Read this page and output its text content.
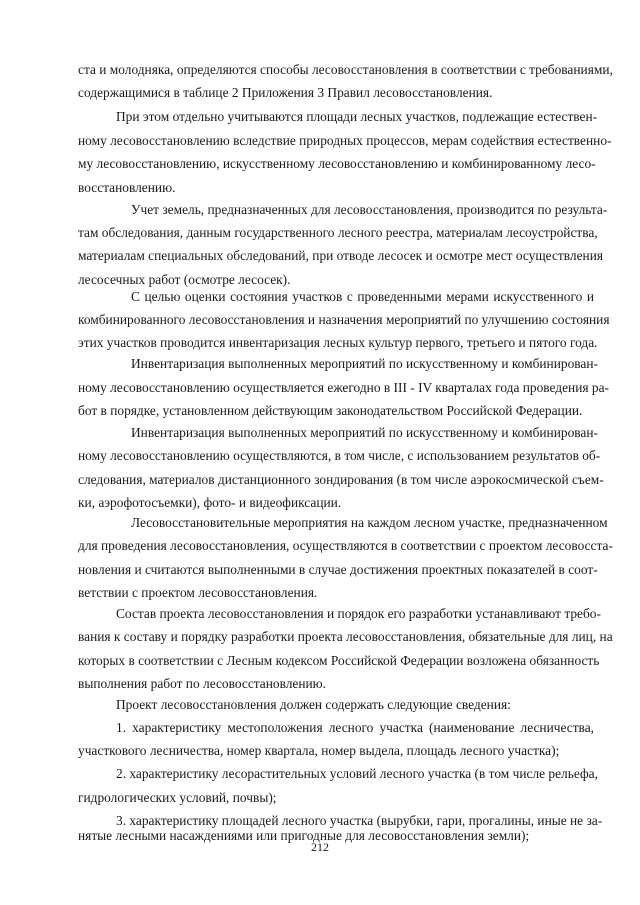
ста и молодняка, определяются способы лесовосстановления в соответствии с требованиями,
содержащимися в таблице 2 Приложения 3 Правил лесовосстановления.
При этом отдельно учитываются площади лесных участков, подлежащие естествен-
ному лесовосстановлению вследствие природных процессов, мерам содействия естественно-
му лесовосстановлению, искусственному лесовосстановлению и комбинированному лесо-
восстановлению.
Учет земель, предназначенных для лесовосстановления, производится по результа-
там обследования, данным государственного лесного реестра, материалам лесоустройства,
материалам специальных обследований, при отводе лесосек и осмотре мест осуществления
лесосечных работ (осмотре лесосек).
С целью оценки состояния участков с проведенными мерами искусственного и
комбинированного лесовосстановления и назначения мероприятий по улучшению состояния
этих участков проводится инвентаризация лесных культур первого, третьего и пятого года.
Инвентаризация выполненных мероприятий по искусственному и комбинирован-
ному лесовосстановлению осуществляется ежегодно в III - IV кварталах года проведения ра-
бот в порядке, установленном действующим законодательством Российской Федерации.
Инвентаризация выполненных мероприятий по искусственному и комбинирован-
ному лесовосстановлению осуществляются, в том числе, с использованием результатов об-
следования, материалов дистанционного зондирования (в том числе аэрокосмической съем-
ки, аэрофотосъемки), фото- и видеофиксации.
Лесовосстановительные мероприятия на каждом лесном участке, предназначенном
для проведения лесовосстановления, осуществляются в соответствии с проектом лесовосста-
новления и считаются выполненными в случае достижения проектных показателей в соот-
ветствии с проектом лесовосстановления.
Состав проекта лесовосстановления и порядок его разработки устанавливают требо-
вания к составу и порядку разработки проекта лесовосстановления, обязательные для лиц, на
которых в соответствии с Лесным кодексом Российской Федерации возложена обязанность
выполнения работ по лесовосстановлению.
Проект лесовосстановления должен содержать следующие сведения:
1. характеристику местоположения лесного участка (наименование лесничества,
участкового лесничества, номер квартала, номер выдела, площадь лесного участка);
2. характеристику лесорастительных условий лесного участка (в том числе рельефа,
гидрологических условий, почвы);
3. характеристику площадей лесного участка (вырубки, гари, прогалины, иные не за-
нятые лесными насаждениями или пригодные для лесовосстановления земли);
212
